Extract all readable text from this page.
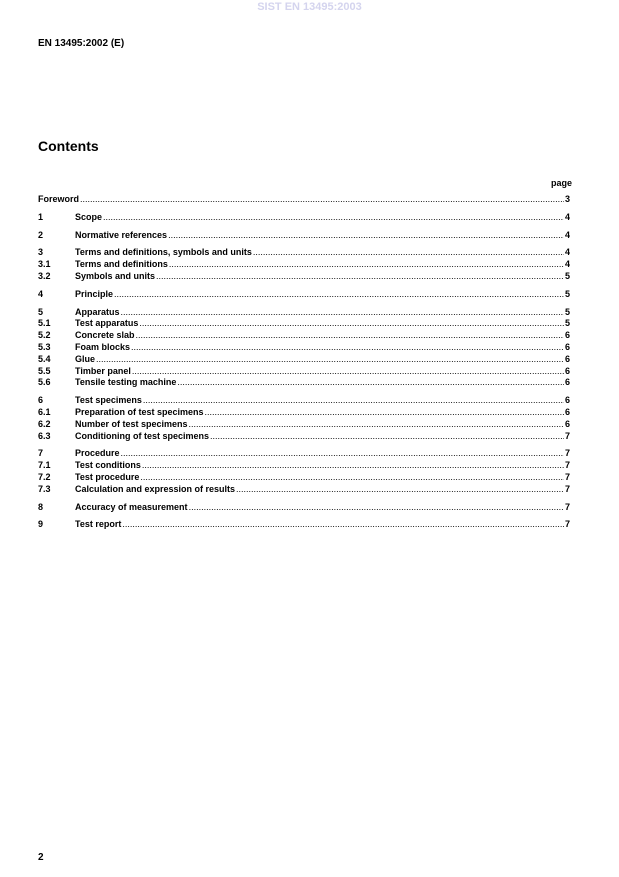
SIST EN 13495:2003
EN 13495:2002 (E)
Contents
page
Foreword .....	3
1	Scope .....	4
2	Normative references .....	4
3	Terms and definitions, symbols and units .....	4
3.1	Terms and definitions .....	4
3.2	Symbols and units .....	5
4	Principle .....	5
5	Apparatus .....	5
5.1	Test apparatus .....	5
5.2	Concrete slab .....	6
5.3	Foam blocks .....	6
5.4	Glue .....	6
5.5	Timber panel .....	6
5.6	Tensile testing machine .....	6
6	Test specimens .....	6
6.1	Preparation of test specimens .....	6
6.2	Number of test specimens .....	6
6.3	Conditioning of test specimens .....	7
7	Procedure .....	7
7.1	Test conditions .....	7
7.2	Test procedure .....	7
7.3	Calculation and expression of results .....	7
8	Accuracy of measurement .....	7
9	Test report .....	7
2
